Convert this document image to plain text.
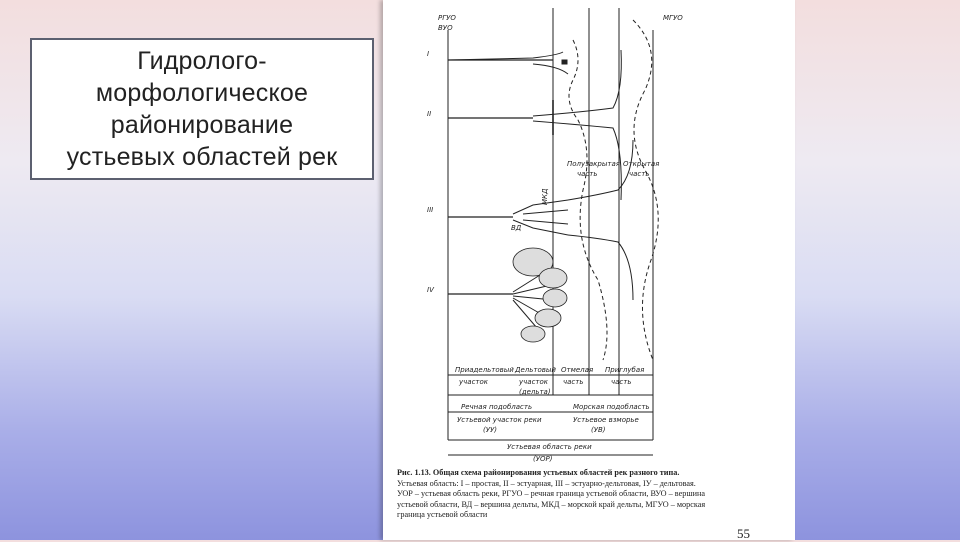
Гидролого-
морфологическое
районирование
устьевых областей рек
РГУО
ВУО
МГУО
I
II
III
IV
Полузакрытая
часть
Открытая
часть
МКД
ВД
Приадельтовый
участок
Дельтовый
участок
(дельта)
Отмелая
часть
Приглубая
часть
Речная подобласть	Морская подобласть
Устьевой участок реки
(УУ)
Устьевое взморье
(УВ)
Устьевая область реки
(УОР)
Рис. 1.13. Общая схема районирования устьевых областей рек разного типа.
Устьевая область: I – простая, II – эстуарная, III – эстуарно-дельтовая, IУ – дельтовая.
УОР – устьевая область реки, РГУО – речная граница устьевой области, ВУО – вершина
устьевой области, ВД – вершина дельты, МКД – морской край дельты, МГУО – морская
граница устьевой области
55
